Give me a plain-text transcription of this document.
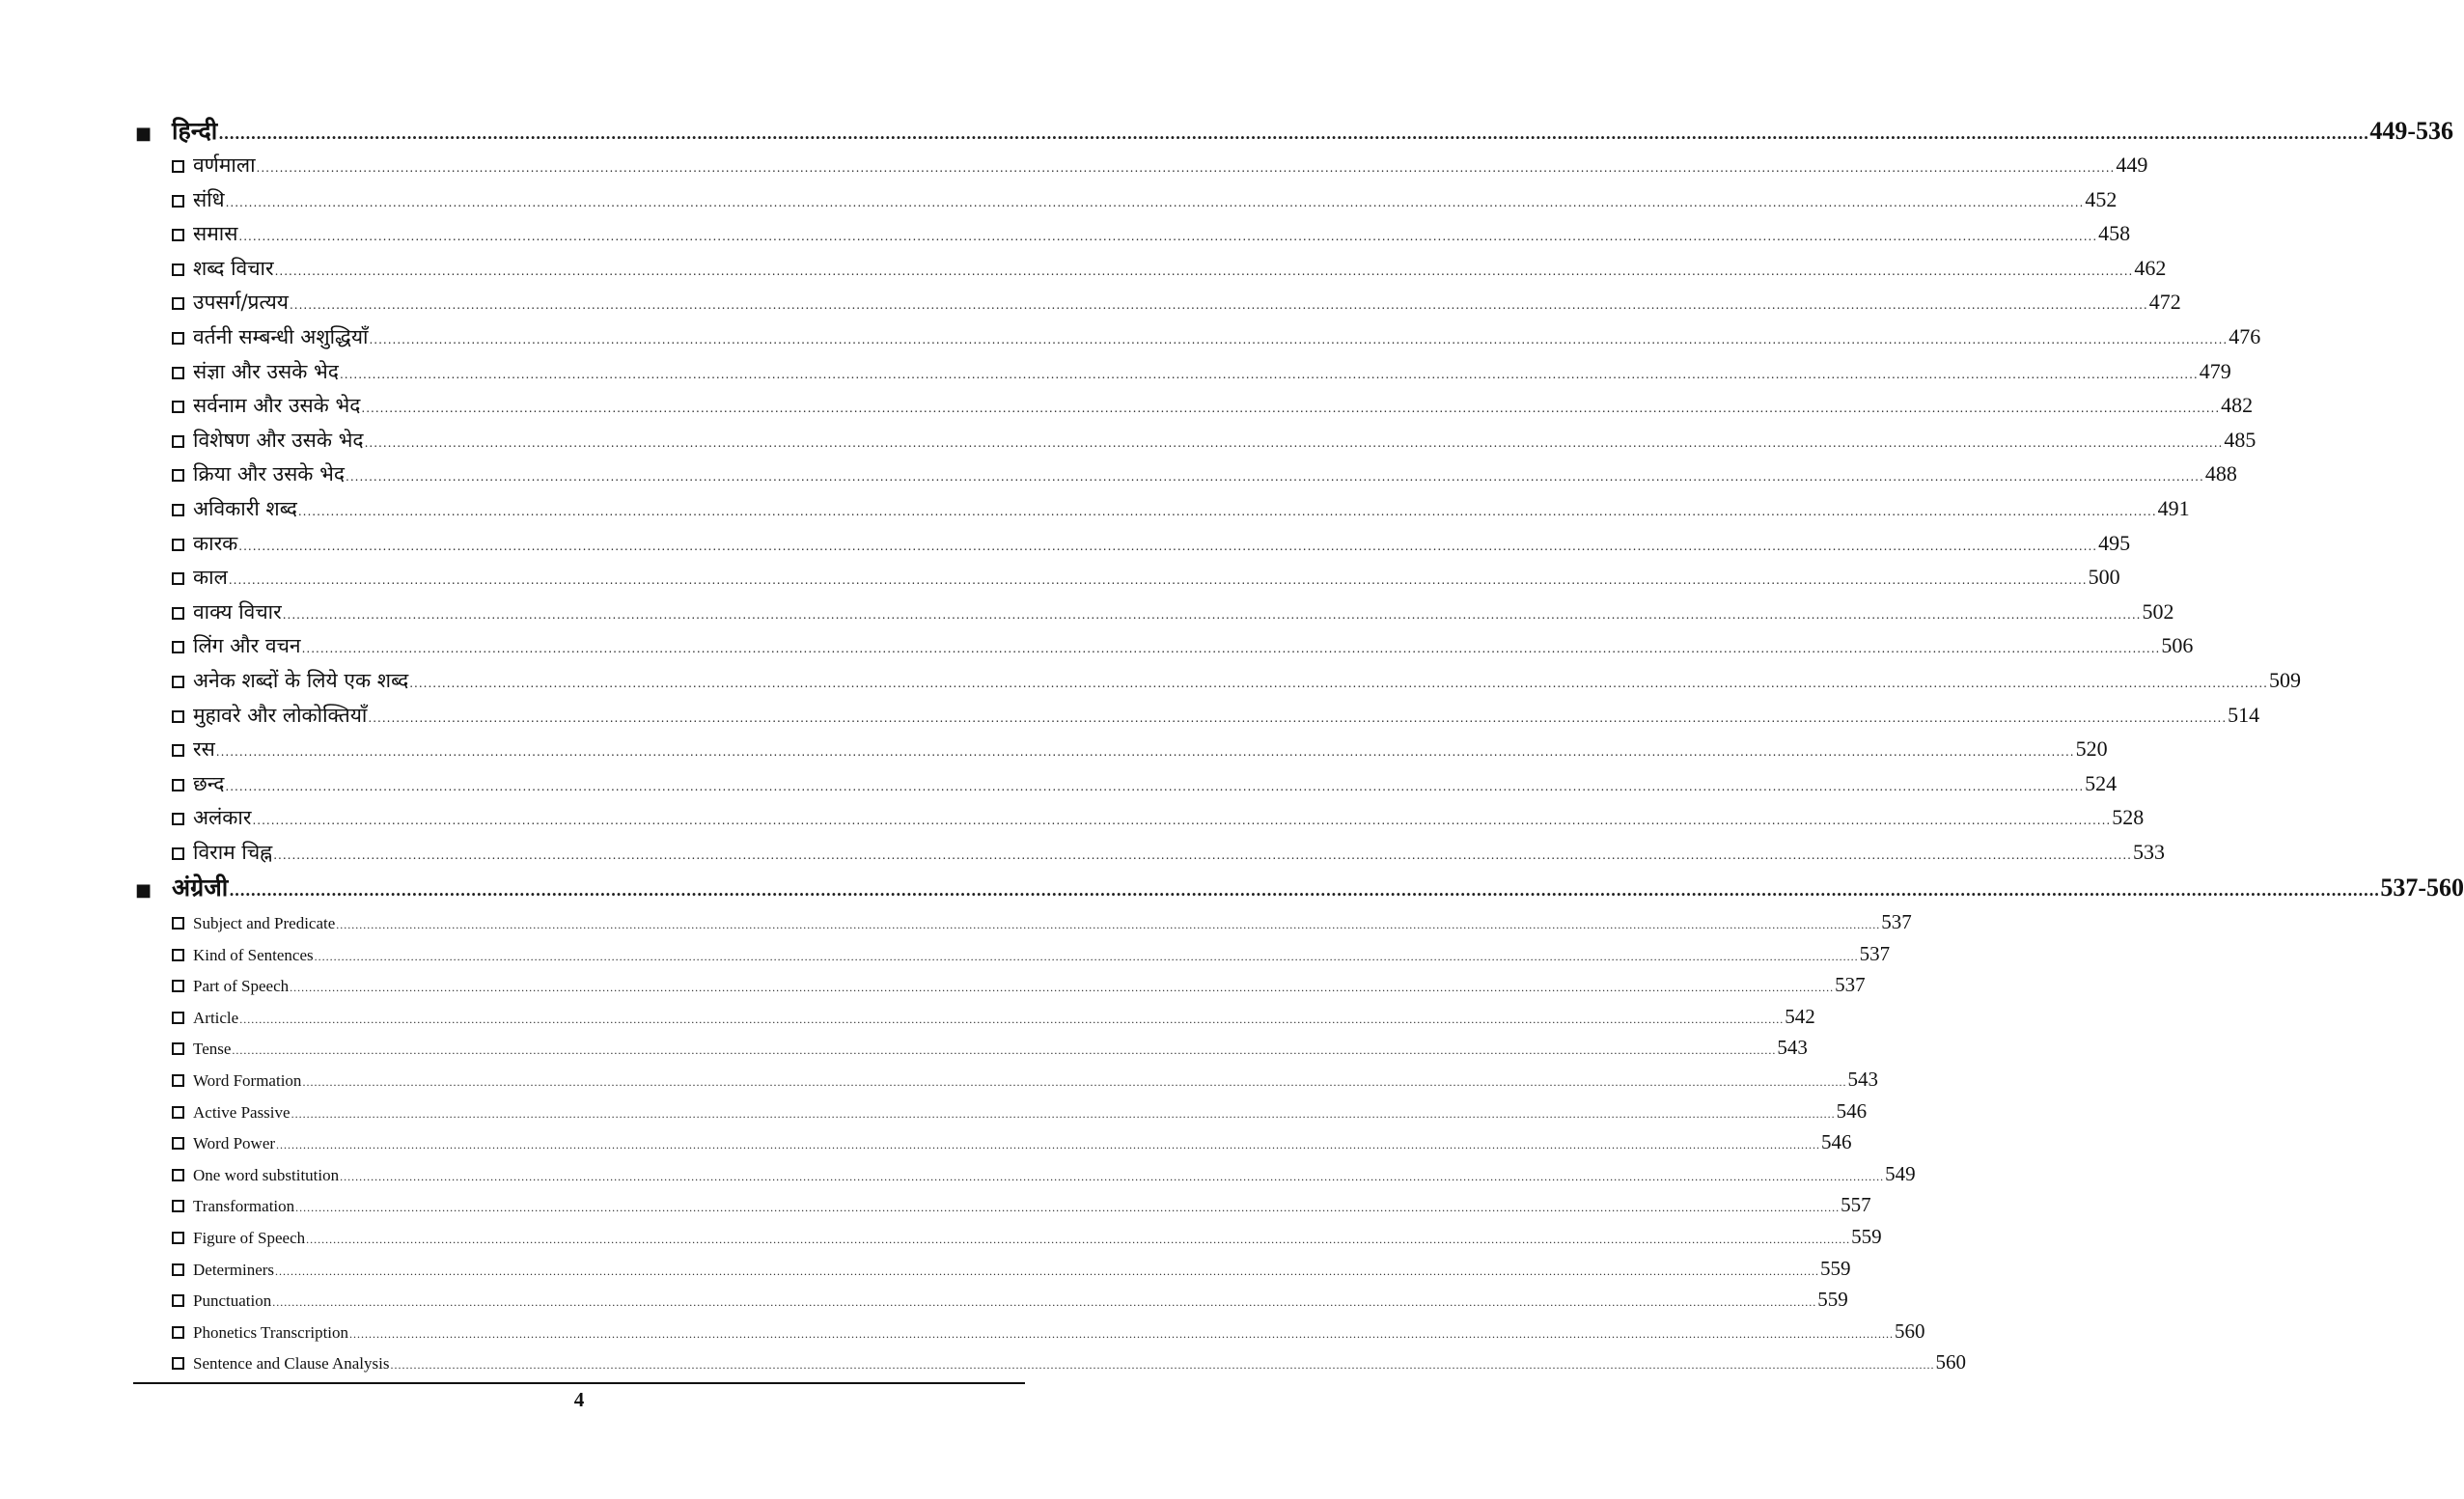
■ हिन्दी ................................................................................................................................................................................................................................................................................................................................................................................................................ 449-536
वर्णमाला ................................................................................................................................................................................................................................................................................................................................................................................................................ 449
संधि ................................................................................................................................................................................................................................................................................................................................................................................................................ 452
समास ................................................................................................................................................................................................................................................................................................................................................................................................................ 458
शब्द विचार ................................................................................................................................................................................................................................................................................................................................................................................................................ 462
उपसर्ग/प्रत्यय ................................................................................................................................................................................................................................................................................................................................................................................................................ 472
वर्तनी सम्बन्धी अशुद्धियाँ ................................................................................................................................................................................................................................................................................................................................................................................................................ 476
संज्ञा और उसके भेद ................................................................................................................................................................................................................................................................................................................................................................................................................ 479
सर्वनाम और उसके भेद ................................................................................................................................................................................................................................................................................................................................................................................................................ 482
विशेषण और उसके भेद ................................................................................................................................................................................................................................................................................................................................................................................................................ 485
क्रिया और उसके भेद ................................................................................................................................................................................................................................................................................................................................................................................................................ 488
अविकारी शब्द ................................................................................................................................................................................................................................................................................................................................................................................................................ 491
कारक ................................................................................................................................................................................................................................................................................................................................................................................................................ 495
काल ................................................................................................................................................................................................................................................................................................................................................................................................................ 500
वाक्य विचार ................................................................................................................................................................................................................................................................................................................................................................................................................ 502
लिंग और वचन ................................................................................................................................................................................................................................................................................................................................................................................................................ 506
अनेक शब्दों के लिये एक शब्द ................................................................................................................................................................................................................................................................................................................................................................................................................ 509
मुहावरे और लोकोक्तियाँ ................................................................................................................................................................................................................................................................................................................................................................................................................ 514
रस ................................................................................................................................................................................................................................................................................................................................................................................................................ 520
छन्द ................................................................................................................................................................................................................................................................................................................................................................................................................ 524
अलंकार ................................................................................................................................................................................................................................................................................................................................................................................................................ 528
विराम चिह्न ................................................................................................................................................................................................................................................................................................................................................................................................................ 533
■ अंग्रेजी ................................................................................................................................................................................................................................................................................................................................................................................................................ 537-560
Subject and Predicate ................................................................................................................................................................................................................................................................................................................................................................................................................ 537
Kind of Sentences ................................................................................................................................................................................................................................................................................................................................................................................................................ 537
Part of Speech ................................................................................................................................................................................................................................................................................................................................................................................................................ 537
Article ................................................................................................................................................................................................................................................................................................................................................................................................................ 542
Tense ................................................................................................................................................................................................................................................................................................................................................................................................................ 543
Word Formation ................................................................................................................................................................................................................................................................................................................................................................................................................ 543
Active Passive ................................................................................................................................................................................................................................................................................................................................................................................................................ 546
Word Power ................................................................................................................................................................................................................................................................................................................................................................................................................ 546
One word substitution ................................................................................................................................................................................................................................................................................................................................................................................................................ 549
Transformation ................................................................................................................................................................................................................................................................................................................................................................................................................ 557
Figure of Speech ................................................................................................................................................................................................................................................................................................................................................................................................................ 559
Determiners ................................................................................................................................................................................................................................................................................................................................................................................................................ 559
Punctuation ................................................................................................................................................................................................................................................................................................................................................................................................................ 559
Phonetics Transcription ................................................................................................................................................................................................................................................................................................................................................................................................................ 560
Sentence and Clause Analysis ................................................................................................................................................................................................................................................................................................................................................................................................................ 560
4
